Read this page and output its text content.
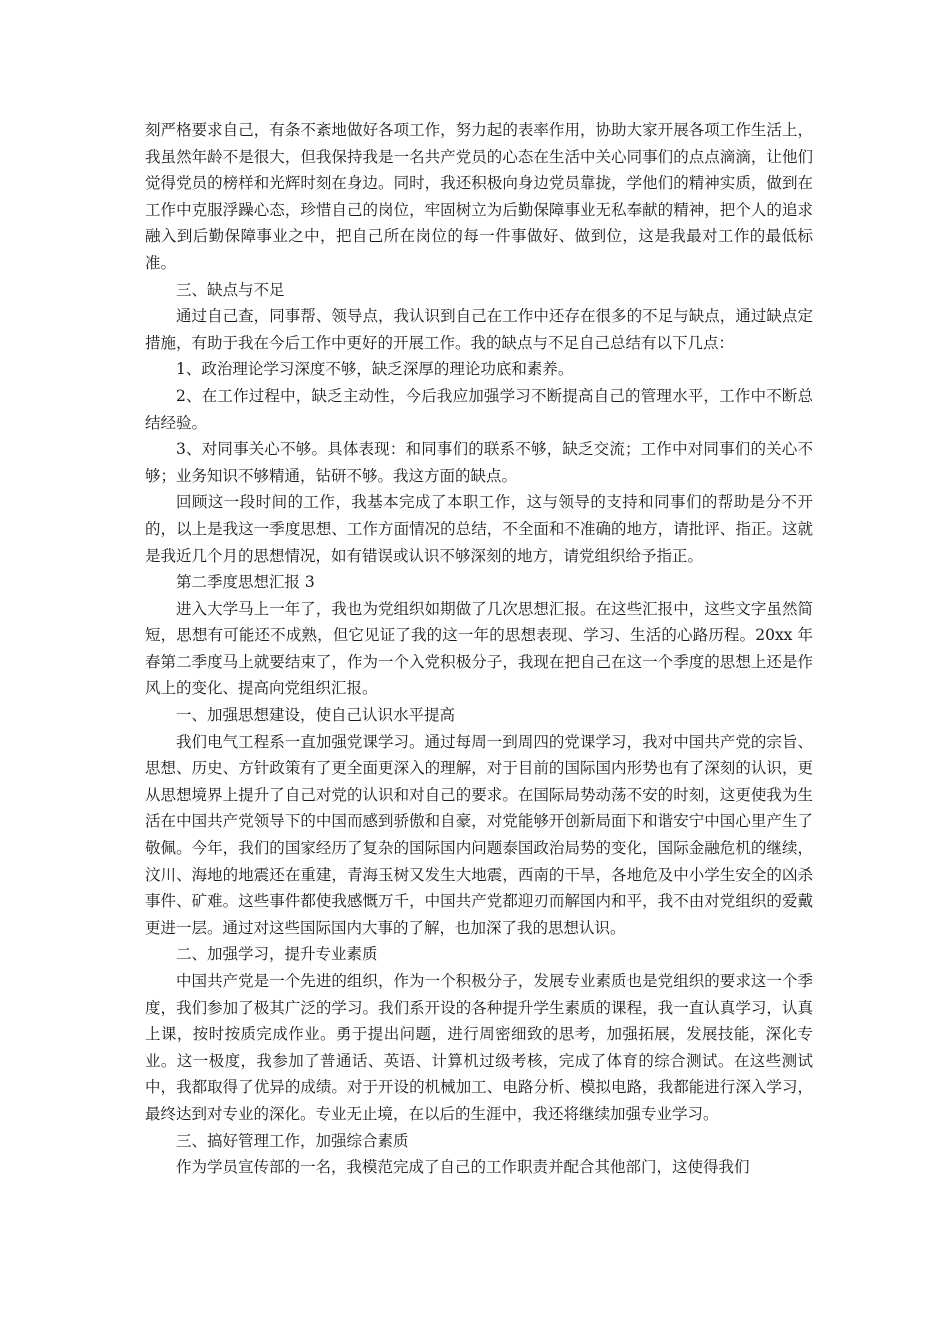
刻严格要求自己，有条不紊地做好各项工作，努力起的表率作用，协助大家开展各项工作生活上，我虽然年龄不是很大，但我保持我是一名共产党员的心态在生活中关心同事们的点点滴滴，让他们觉得党员的榜样和光辉时刻在身边。同时，我还积极向身边党员靠拢，学他们的精神实质，做到在工作中克服浮躁心态，珍惜自己的岗位，牢固树立为后勤保障事业无私奉献的精神，把个人的追求融入到后勤保障事业之中，把自己所在岗位的每一件事做好、做到位，这是我最对工作的最低标准。

三、缺点与不足

通过自己查，同事帮、领导点，我认识到自己在工作中还存在很多的不足与缺点，通过缺点定措施，有助于我在今后工作中更好的开展工作。我的缺点与不足自己总结有以下几点：

1、政治理论学习深度不够，缺乏深厚的理论功底和素养。

2、在工作过程中，缺乏主动性，今后我应加强学习不断提高自己的管理水平，工作中不断总结经验。

3、对同事关心不够。具体表现：和同事们的联系不够，缺乏交流；工作中对同事们的关心不够；业务知识不够精通，钻研不够。我这方面的缺点。

回顾这一段时间的工作，我基本完成了本职工作，这与领导的支持和同事们的帮助是分不开的，以上是我这一季度思想、工作方面情况的总结，不全面和不准确的地方，请批评、指正。这就是我近几个月的思想情况，如有错误或认识不够深刻的地方，请党组织给予指正。

第二季度思想汇报 3

进入大学马上一年了，我也为党组织如期做了几次思想汇报。在这些汇报中，这些文字虽然简短，思想有可能还不成熟，但它见证了我的这一年的思想表现、学习、生活的心路历程。20xx 年春第二季度马上就要结束了，作为一个入党积极分子，我现在把自己在这一个季度的思想上还是作风上的变化、提高向党组织汇报。

一、加强思想建设，使自己认识水平提高

我们电气工程系一直加强党课学习。通过每周一到周四的党课学习，我对中国共产党的宗旨、思想、历史、方针政策有了更全面更深入的理解，对于目前的国际国内形势也有了深刻的认识，更从思想境界上提升了自己对党的认识和对自己的要求。在国际局势动荡不安的时刻，这更使我为生活在中国共产党领导下的中国而感到骄傲和自豪，对党能够开创新局面下和谐安宁中国心里产生了敬佩。今年，我们的国家经历了复杂的国际国内问题泰国政治局势的变化，国际金融危机的继续，汶川、海地的地震还在重建，青海玉树又发生大地震，西南的干旱，各地危及中小学生安全的凶杀事件、矿难。这些事件都使我感慨万千，中国共产党都迎刃而解国内和平，我不由对党组织的爱戴更进一层。通过对这些国际国内大事的了解，也加深了我的思想认识。

二、加强学习，提升专业素质

中国共产党是一个先进的组织，作为一个积极分子，发展专业素质也是党组织的要求这一个季度，我们参加了极其广泛的学习。我们系开设的各种提升学生素质的课程，我一直认真学习，认真上课，按时按质完成作业。勇于提出问题，进行周密细致的思考，加强拓展，发展技能，深化专业。这一极度，我参加了普通话、英语、计算机过级考核，完成了体育的综合测试。在这些测试中，我都取得了优异的成绩。对于开设的机械加工、电路分析、模拟电路，我都能进行深入学习，最终达到对专业的深化。专业无止境，在以后的生涯中，我还将继续加强专业学习。

三、搞好管理工作，加强综合素质

作为学员宣传部的一名，我模范完成了自己的工作职责并配合其他部门，这使得我们
